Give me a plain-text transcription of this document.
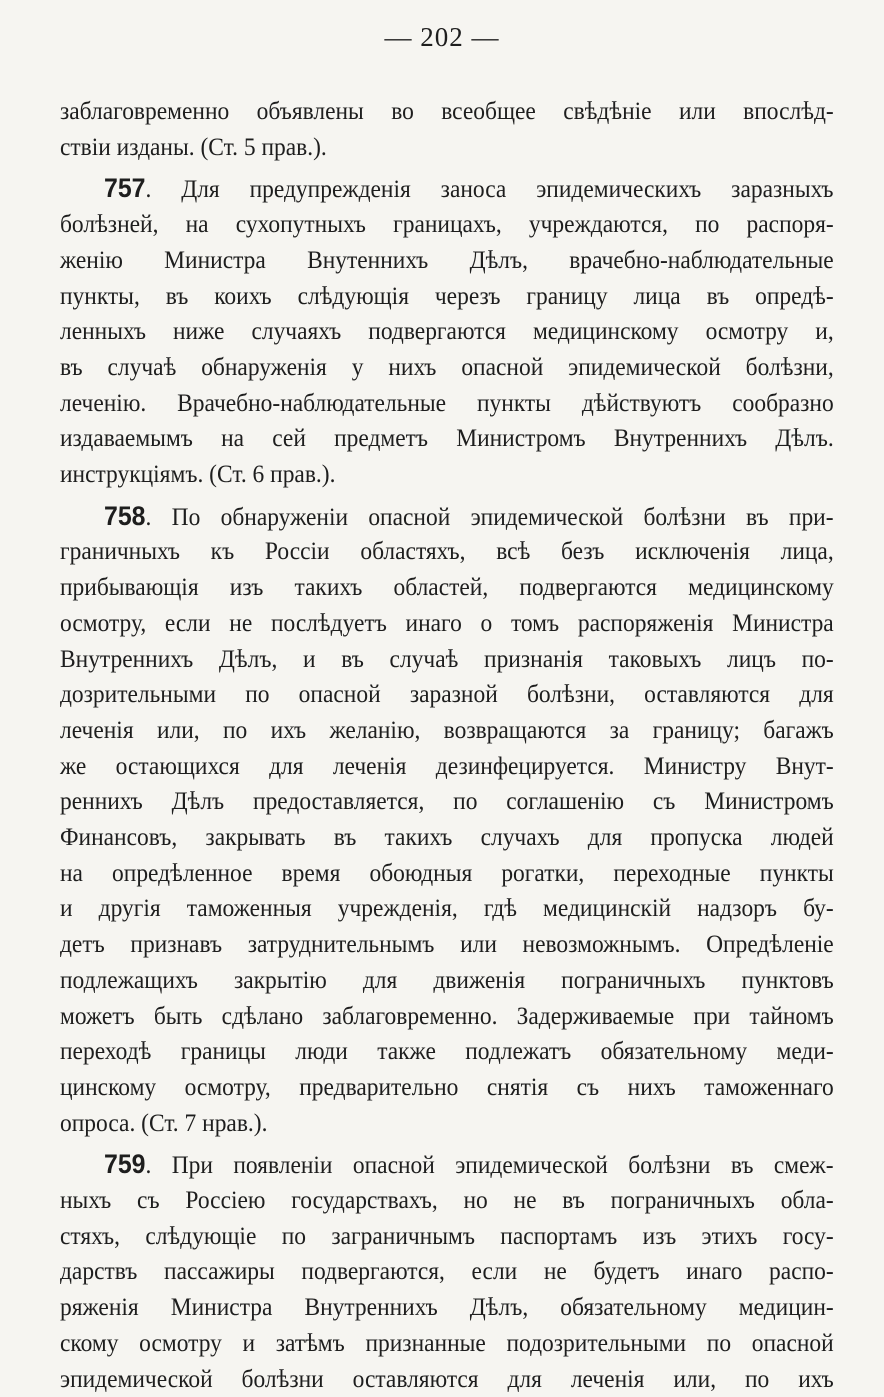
— 202 —
заблаговременно объявлены во всеобщее свѣдѣніе или впослѣд-
ствіи изданы. (Ст. 5 прав.).
757. Для предупрежденія заноса эпидемическихъ заразныхъ
болѣзней, на сухопутныхъ границахъ, учреждаются, по распоря-
женію Министра Внутеннихъ Дѣлъ, врачебно-наблюдательные
пункты, въ коихъ слѣдующія черезъ границу лица въ опредѣ-
ленныхъ ниже случаяхъ подвергаются медицинскому осмотру и,
въ случаѣ обнаруженія у нихъ опасной эпидемической болѣзни,
леченію. Врачебно-наблюдательные пункты дѣйствуютъ сообразно
издаваемымъ на сей предметъ Министромъ Внутреннихъ Дѣлъ.
инструкціямъ. (Ст. 6 прав.).
758. По обнаруженіи опасной эпидемической болѣзни въ при-
граничныхъ къ Россіи областяхъ, всѣ безъ исключенія лица,
прибывающія изъ такихъ областей, подвергаются медицинскому
осмотру, если не послѣдуетъ инаго о томъ распоряженія Министра
Внутреннихъ Дѣлъ, и въ случаѣ признанія таковыхъ лицъ по-
дозрительными по опасной заразной болѣзни, оставляются для
леченія или, по ихъ желанію, возвращаются за границу; багажъ
же остающихся для леченія дезинфецируется. Министру Внут-
реннихъ Дѣлъ предоставляется, по соглашенію съ Министромъ
Финансовъ, закрывать въ такихъ случахъ для пропуска людей
на опредѣленное время обоюдныя рогатки, переходные пункты
и другія таможенныя учрежденія, гдѣ медицинскій надзоръ бу-
детъ признавъ затруднительнымъ или невозможнымъ. Опредѣленіе
подлежащихъ закрытію для движенія пограничныхъ пунктовъ
можетъ быть сдѣлано заблаговременно. Задерживаемые при тайномъ
переходѣ границы люди также подлежатъ обязательному меди-
цинскому осмотру, предварительно снятія съ нихъ таможеннаго
опроса. (Ст. 7 нрав.).
759. При появленіи опасной эпидемической болѣзни въ смеж-
ныхъ съ Россіею государствахъ, но не въ пограничныхъ обла-
стяхъ, слѣдующіе по заграничнымъ паспортамъ изъ этихъ госу-
дарствъ пассажиры подвергаются, если не будетъ инаго распо-
ряженія Министра Внутреннихъ Дѣлъ, обязательному медицин-
скому осмотру и затѣмъ признанные подозрительными по опасной
эпидемической болѣзни оставляются для леченія или, по ихъ
